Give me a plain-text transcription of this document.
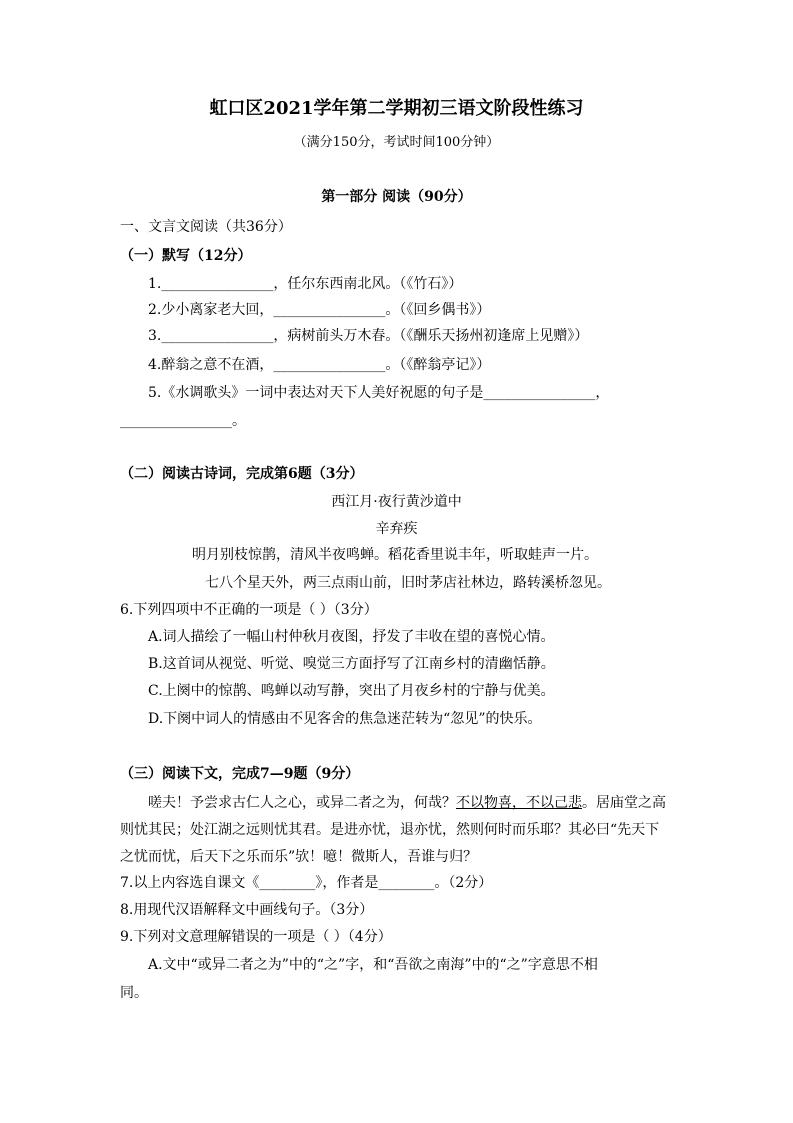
虹口区2021学年第二学期初三语文阶段性练习
（满分150分，考试时间100分钟）
第一部分 阅读（90分）
一、文言文阅读（共36分）
（一）默写（12分）
1.________________，任尔东西南北风。（《竹石》）
2.少小离家老大回，________________。（《回乡偶书》）
3.________________，病树前头万木春。（《酬乐天扬州初逢席上见赠》）
4.醉翁之意不在酒，________________。（《醉翁亭记》）
5.《水调歌头》一词中表达对天下人美好祝愿的句子是________________，
________________。
（二）阅读古诗词，完成第6题（3分）
西江月·夜行黄沙道中
辛弃疾
明月别枝惊鹊，清风半夜鸣蝉。稻花香里说丰年，听取蛙声一片。
七八个星天外，两三点雨山前，旧时茅店社林边，路转溪桥忽见。
6.下列四项中不正确的一项是（ ）（3分）
A.词人描绘了一幅山村仲秋月夜图，抒发了丰收在望的喜悦心情。
B.这首词从视觉、听觉、嗅觉三方面抒写了江南乡村的清幽恬静。
C.上阕中的惊鹊、鸣蝉以动写静，突出了月夜乡村的宁静与优美。
D.下阕中词人的情感由不见客舍的焦急迷茫转为“忽见”的快乐。
（三）阅读下文，完成7—9题（9分）
嗟夫！予尝求古仁人之心，或异二者之为，何哉？不以物喜，不以己悲。居庙堂之高
则忧其民；处江湖之远则忧其君。是进亦忧，退亦忧，然则何时而乐耶？其必曰“先天下
之忧而忧，后天下之乐而乐”欤！噫！微斯人，吾谁与归？
7.以上内容选自课文《________》，作者是________。（2分）
8.用现代汉语解释文中画线句子。（3分）
9.下列对文意理解错误的一项是（ ）（4分）
A.文中“或异二者之为”中的“之”字，和“吾欲之南海”中的“之”字意思不相
同。
